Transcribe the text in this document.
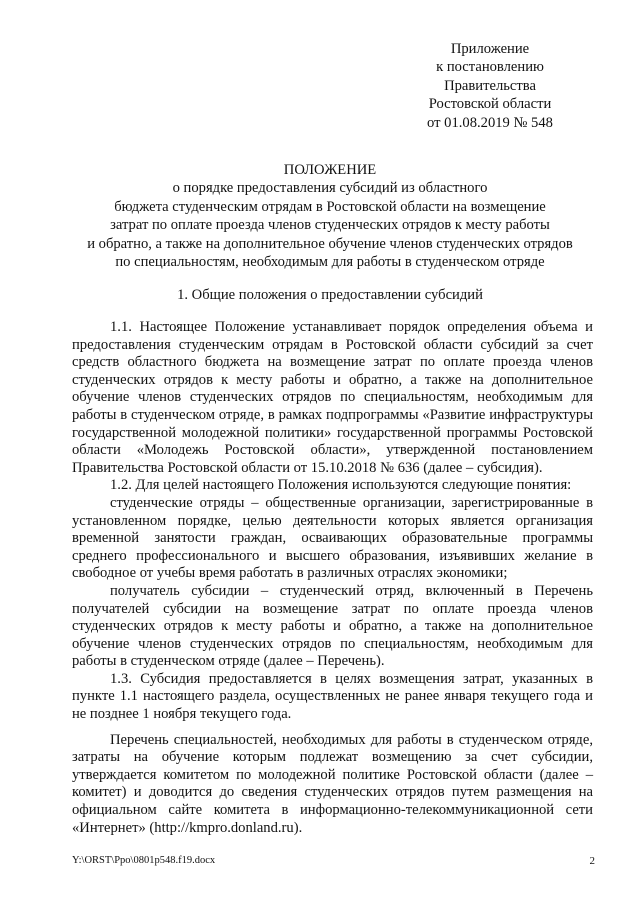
Приложение
к постановлению
Правительства
Ростовской области
от 01.08.2019 № 548
ПОЛОЖЕНИЕ
о порядке предоставления субсидий из областного
бюджета студенческим отрядам в Ростовской области на возмещение
затрат по оплате проезда членов студенческих отрядов к месту работы
и обратно, а также на дополнительное обучение членов студенческих отрядов
по специальностям, необходимым для работы в студенческом отряде
1. Общие положения о предоставлении субсидий

1.1. Настоящее Положение устанавливает порядок определения объема и предоставления студенческим отрядам в Ростовской области субсидий за счет средств областного бюджета на возмещение затрат по оплате проезда членов студенческих отрядов к месту работы и обратно, а также на дополнительное обучение членов студенческих отрядов по специальностям, необходимым для работы в студенческом отряде, в рамках подпрограммы «Развитие инфраструктуры государственной молодежной политики» государственной программы Ростовской области «Молодежь Ростовской области», утвержденной постановлением Правительства Ростовской области от 15.10.2018 № 636 (далее – субсидия).

1.2. Для целей настоящего Положения используются следующие понятия:

студенческие отряды – общественные организации, зарегистрированные в установленном порядке, целью деятельности которых является организация временной занятости граждан, осваивающих образовательные программы среднего профессионального и высшего образования, изъявивших желание в свободное от учебы время работать в различных отраслях экономики;

получатель субсидии – студенческий отряд, включенный в Перечень получателей субсидии на возмещение затрат по оплате проезда членов студенческих отрядов к месту работы и обратно, а также на дополнительное обучение членов студенческих отрядов по специальностям, необходимым для работы в студенческом отряде (далее – Перечень).

1.3. Субсидия предоставляется в целях возмещения затрат, указанных в пункте 1.1 настоящего раздела, осуществленных не ранее января текущего года и не позднее 1 ноября текущего года.

Перечень специальностей, необходимых для работы в студенческом отряде, затраты на обучение которым подлежат возмещению за счет субсидии, утверждается комитетом по молодежной политике Ростовской области (далее – комитет) и доводится до сведения студенческих отрядов путем размещения на официальном сайте комитета в информационно-телекоммуникационной сети «Интернет» (http://kmpro.donland.ru).

Y:\ORST\Ppo\0801p548.f19.docx	2
